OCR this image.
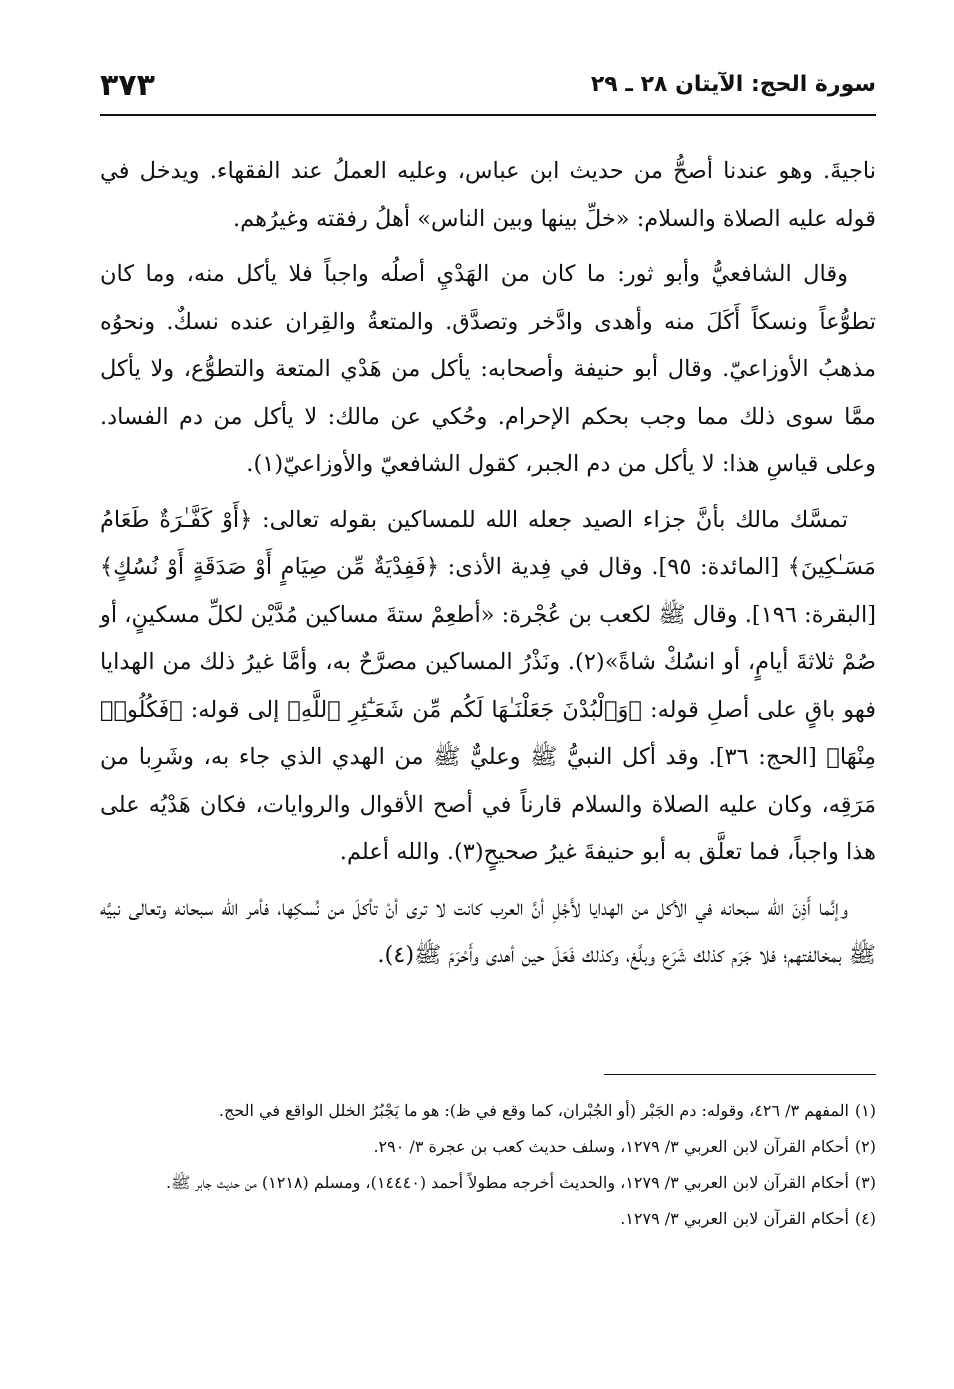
سورة الحج: الآيتان ٢٨ ـ ٢٩
٣٧٣

ناجيةَ. وهو عندنا أصحُّ من حديث ابن عباس، وعليه العملُ عند الفقهاء. ويدخل في قوله عليه الصلاة والسلام: «خلِّ بينها وبين الناس» أهلُ رفقته وغيرُهم.

وقال الشافعيُّ وأبو ثور: ما كان من الهَدْيِ أصلُه واجباً فلا يأكل منه، وما كان تطوُّعاً ونسكاً أَكَلَ منه وأهدى وادَّخر وتصدَّق. والمتعةُ والقِران عنده نسكٌ. ونحوُه مذهبُ الأوزاعيّ. وقال أبو حنيفة وأصحابه: يأكل من هَدْي المتعة والتطوُّع، ولا يأكل ممَّا سوى ذلك مما وجب بحكم الإحرام. وحُكي عن مالك: لا يأكل من دم الفساد. وعلى قياسِ هذا: لا يأكل من دم الجبر، كقول الشافعيّ والأوزاعيّ(١).

تمسَّك مالك بأنَّ جزاء الصيد جعله الله للمساكين بقوله تعالى: ﴿أَوْ كَفَّـٰرَةٌ طَعَامُ مَسَـٰكِينَ﴾ [المائدة: ٩٥]. وقال في فِدية الأذى: ﴿فَفِدْيَةٌ مِّن صِيَامٍ أَوْ صَدَقَةٍ أَوْ نُسُكٍ﴾ [البقرة: ١٩٦]. وقال ﷺ لكعب بن عُجْرة: «أطعِمْ ستةَ مساكين مُدَّيْن لكلِّ مسكينٍ، أو صُمْ ثلاثةَ أيامٍ، أو انسُكْ شاةً»(٢). ونَذْرُ المساكين مصرَّحٌ به، وأمَّا غيرُ ذلك من الهدايا فهو باقٍ على أصلِ قوله: ﴿وَٱلْبُدْنَ جَعَلْنَـٰهَا لَكُم مِّن شَعَـٰٓئِرِ ٱللَّهِ﴾ إلى قوله: ﴿فَكُلُوا۟ مِنْهَا﴾ [الحج: ٣٦]. وقد أكل النبيُّ ﷺ وعليٌّ ﷺ من الهدي الذي جاء به، وشَرِبا من مَرَقِه، وكان عليه الصلاة والسلام قارناً في أصح الأقوال والروايات، فكان هَدْيُه على هذا واجباً، فما تعلَّق به أبو حنيفةَ غيرُ صحيحٍ(٣). والله أعلم.

وإنَّما أَذِنَ الله سبحانه في الأكل من الهدايا لأَجْلِ أنَّ العرب كانت لا ترى أنْ تأكلَ من نُسكِها، فأمر الله سبحانه وتعالى نبيَّه ﷺ بمخالفتهم؛ فلا جَرَم كذلك شَرَع وبلَّغ، وكذلك فَعَلَ حين أهدى وأَحْرَمَ ﷺ(٤).

(١)المفهم ٣/ ٤٢٦، وقوله: دم الجَبْر (أو الجُبْران، كما وقع في ظ): هو ما يَجْبُرُ الخلل الواقع في الحج.
(٢)أحكام القرآن لابن العربي ٣/ ١٢٧٩، وسلف حديث كعب بن عجرة ٣/ ٢٩٠.
(٣)أحكام القرآن لابن العربي ٣/ ١٢٧٩، والحديث أخرجه مطولاً أحمد (١٤٤٤٠)، ومسلم (١٢١٨) من حديث جابر ﷺ.
(٤)أحكام القرآن لابن العربي ٣/ ١٢٧٩.
